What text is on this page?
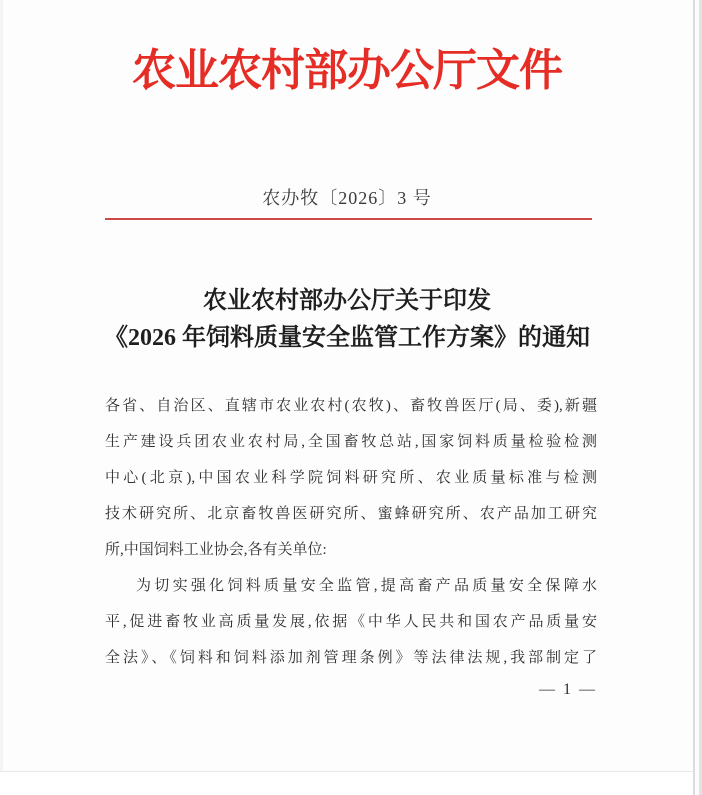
农业农村部办公厅文件
农办牧〔2026〕3 号
农业农村部办公厅关于印发
《2026 年饲料质量安全监管工作方案》的通知
各省、自治区、直辖市农业农村(农牧)、畜牧兽医厅(局、委),新疆
生产建设兵团农业农村局,全国畜牧总站,国家饲料质量检验检测
中心(北京),中国农业科学院饲料研究所、农业质量标准与检测
技术研究所、北京畜牧兽医研究所、蜜蜂研究所、农产品加工研究
所,中国饲料工业协会,各有关单位:
为切实强化饲料质量安全监管,提高畜产品质量安全保障水
平,促进畜牧业高质量发展,依据《中华人民共和国农产品质量安
全法》、《饲料和饲料添加剂管理条例》等法律法规,我部制定了
— 1 —
